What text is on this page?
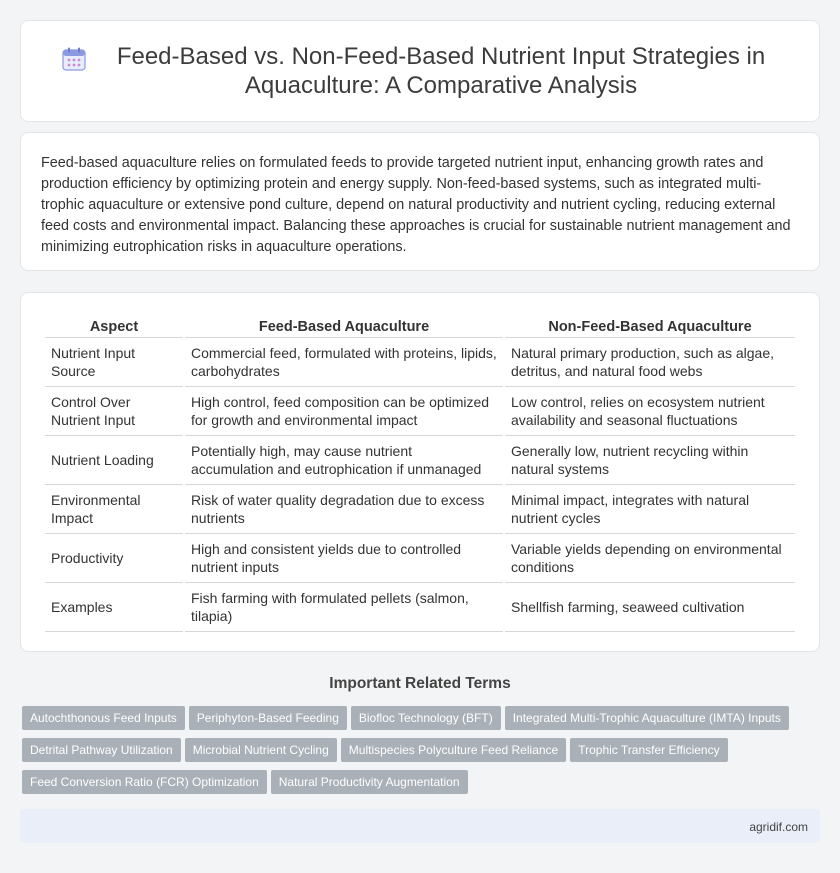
Feed-Based vs. Non-Feed-Based Nutrient Input Strategies in Aquaculture: A Comparative Analysis

Feed-based aquaculture relies on formulated feeds to provide targeted nutrient input, enhancing growth rates and production efficiency by optimizing protein and energy supply. Non-feed-based systems, such as integrated multi-trophic aquaculture or extensive pond culture, depend on natural productivity and nutrient cycling, reducing external feed costs and environmental impact. Balancing these approaches is crucial for sustainable nutrient management and minimizing eutrophication risks in aquaculture operations.

Aspect	Feed-Based Aquaculture	Non-Feed-Based Aquaculture
Nutrient Input Source	Commercial feed, formulated with proteins, lipids, carbohydrates	Natural primary production, such as algae, detritus, and natural food webs
Control Over Nutrient Input	High control, feed composition can be optimized for growth and environmental impact	Low control, relies on ecosystem nutrient availability and seasonal fluctuations
Nutrient Loading	Potentially high, may cause nutrient accumulation and eutrophication if unmanaged	Generally low, nutrient recycling within natural systems
Environmental Impact	Risk of water quality degradation due to excess nutrients	Minimal impact, integrates with natural nutrient cycles
Productivity	High and consistent yields due to controlled nutrient inputs	Variable yields depending on environmental conditions
Examples	Fish farming with formulated pellets (salmon, tilapia)	Shellfish farming, seaweed cultivation
Important Related Terms
Autochthonous Feed Inputs Periphyton-Based Feeding Biofloc Technology (BFT) Integrated Multi-Trophic Aquaculture (IMTA) InputsDetrital Pathway Utilization Microbial Nutrient Cycling Multispecies Polyculture Feed Reliance Trophic Transfer EfficiencyFeed Conversion Ratio (FCR) Optimization Natural Productivity Augmentation
agridif.com
